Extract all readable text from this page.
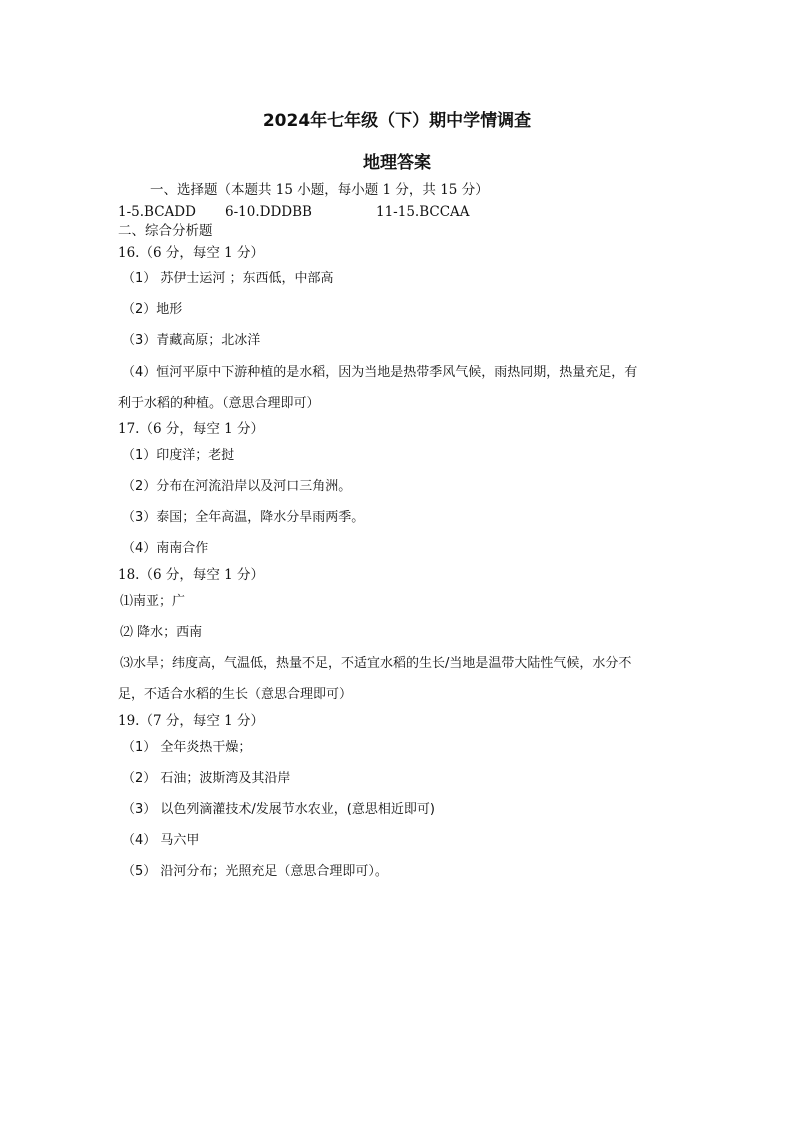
2024年七年级（下）期中学情调查
地理答案
一、选择题（本题共 15 小题，每小题 1 分，共 15 分）
1-5.BCADD 6-10.DDDBB	11-15.BCCAA
二、综合分析题
16.（6 分，每空 1 分）
（1） 苏伊士运河 ；东西低，中部高
（2）地形
（3）青藏高原；北冰洋
（4）恒河平原中下游种植的是水稻，因为当地是热带季风气候，雨热同期，热量充足，有
利于水稻的种植。（意思合理即可）
17.（6 分，每空 1 分）
（1）印度洋；老挝
（2）分布在河流沿岸以及河口三角洲。
（3）泰国；全年高温，降水分旱雨两季。
（4）南南合作
18.（6 分，每空 1 分）
⑴南亚；广
⑵ 降水；西南
⑶水旱；纬度高，气温低，热量不足，不适宜水稻的生长/当地是温带大陆性气候，水分不
足，不适合水稻的生长（意思合理即可）
19.（7 分，每空 1 分）
（1） 全年炎热干燥；
（2） 石油；波斯湾及其沿岸
（3） 以色列滴灌技术/发展节水农业，(意思相近即可)
（4） 马六甲
（5） 沿河分布；光照充足（意思合理即可）。
